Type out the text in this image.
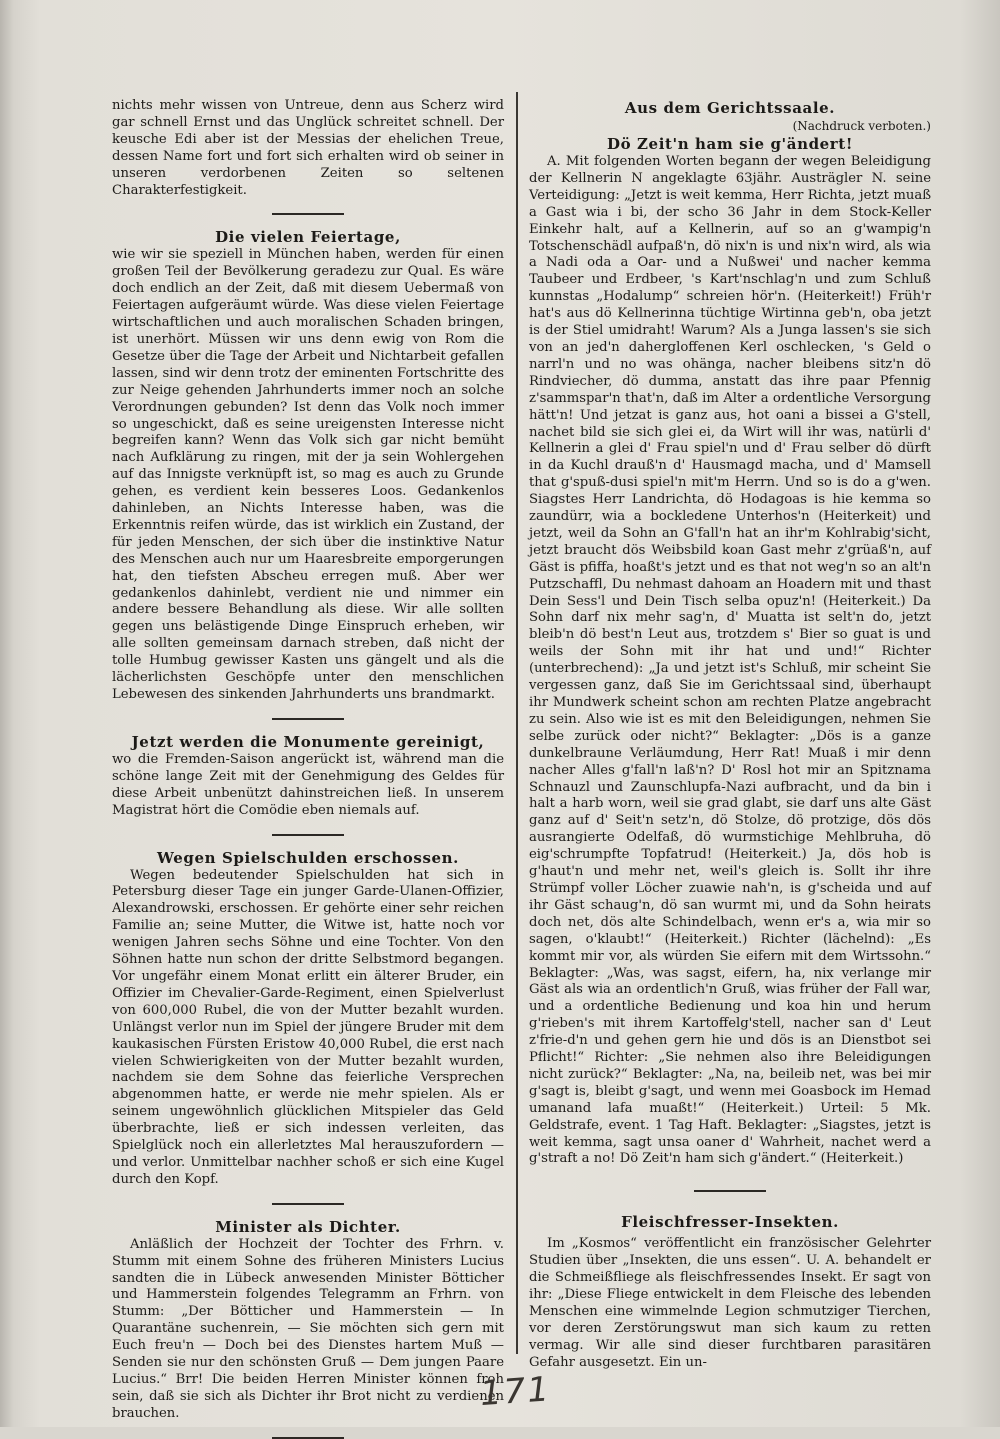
nichts mehr wissen von Untreue, denn aus Scherz wird gar schnell Ernst und das Unglück schreitet schnell. Der keusche Edi aber ist der Messias der ehelichen Treue, dessen Name fort und fort sich erhalten wird ob seiner in unseren verdorbenen Zeiten so seltenen Charakterfestigkeit.

Die vielen Feiertage,

wie wir sie speziell in München haben, werden für einen großen Teil der Bevölkerung geradezu zur Qual. Es wäre doch endlich an der Zeit, daß mit diesem Uebermaß von Feiertagen aufgeräumt würde. Was diese vielen Feiertage wirtschaftlichen und auch moralischen Schaden bringen, ist unerhört. Müssen wir uns denn ewig von Rom die Gesetze über die Tage der Arbeit und Nichtarbeit gefallen lassen, sind wir denn trotz der eminenten Fortschritte des zur Neige gehenden Jahrhunderts immer noch an solche Verordnungen gebunden? Ist denn das Volk noch immer so ungeschickt, daß es seine ureigensten Interesse nicht begreifen kann? Wenn das Volk sich gar nicht bemüht nach Aufklärung zu ringen, mit der ja sein Wohlergehen auf das Innigste verknüpft ist, so mag es auch zu Grunde gehen, es verdient kein besseres Loos. Gedankenlos dahinleben, an Nichts Interesse haben, was die Erkenntnis reifen würde, das ist wirklich ein Zustand, der für jeden Menschen, der sich über die instinktive Natur des Menschen auch nur um Haaresbreite emporgerungen hat, den tiefsten Abscheu erregen muß. Aber wer gedankenlos dahinlebt, verdient nie und nimmer ein andere bessere Behandlung als diese. Wir alle sollten gegen uns belästigende Dinge Einspruch erheben, wir alle sollten gemeinsam darnach streben, daß nicht der tolle Humbug gewisser Kasten uns gängelt und als die lächerlichsten Geschöpfe unter den menschlichen Lebewesen des sinkenden Jahrhunderts uns brandmarkt.

Jetzt werden die Monumente gereinigt,

wo die Fremden-Saison angerückt ist, während man die schöne lange Zeit mit der Genehmigung des Geldes für diese Arbeit unbenützt dahinstreichen ließ. In unserem Magistrat hört die Comödie eben niemals auf.

Wegen Spielschulden erschossen.

Wegen bedeutender Spielschulden hat sich in Petersburg dieser Tage ein junger Garde-Ulanen-Offizier, Alexandrowski, erschossen. Er gehörte einer sehr reichen Familie an; seine Mutter, die Witwe ist, hatte noch vor wenigen Jahren sechs Söhne und eine Tochter. Von den Söhnen hatte nun schon der dritte Selbstmord begangen. Vor ungefähr einem Monat erlitt ein älterer Bruder, ein Offizier im Chevalier-Garde-Regiment, einen Spielverlust von 600,000 Rubel, die von der Mutter bezahlt wurden. Unlängst verlor nun im Spiel der jüngere Bruder mit dem kaukasischen Fürsten Eristow 40,000 Rubel, die erst nach vielen Schwierigkeiten von der Mutter bezahlt wurden, nachdem sie dem Sohne das feierliche Versprechen abgenommen hatte, er werde nie mehr spielen. Als er seinem ungewöhnlich glücklichen Mitspieler das Geld überbrachte, ließ er sich indessen verleiten, das Spielglück noch ein allerletztes Mal herauszufordern — und verlor. Unmittelbar nachher schoß er sich eine Kugel durch den Kopf.

Minister als Dichter.

Anläßlich der Hochzeit der Tochter des Frhrn. v. Stumm mit einem Sohne des früheren Ministers Lucius sandten die in Lübeck anwesenden Minister Bötticher und Hammerstein folgendes Telegramm an Frhrn. von Stumm: „Der Bötticher und Hammerstein — In Quarantäne suchenrein, — Sie möchten sich gern mit Euch freu'n — Doch bei des Dienstes hartem Muß — Senden sie nur den schönsten Gruß — Dem jungen Paare Lucius.“ Brr! Die beiden Herren Minister können froh sein, daß sie sich als Dichter ihr Brot nicht zu verdienen brauchen.

Aus dem Gerichtssaale.
(Nachdruck verboten.)
Dö Zeit'n ham sie g'ändert!

A. Mit folgenden Worten begann der wegen Beleidigung der Kellnerin N angeklagte 63jähr. Austrägler N. seine Verteidigung: „Jetzt is weit kemma, Herr Richta, jetzt muaß a Gast wia i bi, der scho 36 Jahr in dem Stock-Keller Einkehr halt, auf a Kellnerin, auf so an g'wampig'n Totschenschädl aufpaß'n, dö nix'n is und nix'n wird, als wia a Nadi oda a Oar- und a Nußwei' und nacher kemma Taubeer und Erdbeer, 's Kart'nschlag'n und zum Schluß kunnstas „Hodalump“ schreien hör'n. (Heiterkeit!) Früh'r hat's aus dö Kellnerinna tüchtige Wirtinna geb'n, oba jetzt is der Stiel umidraht! Warum? Als a Junga lassen's sie sich von an jed'n dahergloffenen Kerl oschlecken, 's Geld o narrl'n und no was ohänga, nacher bleibens sitz'n dö Rindviecher, dö dumma, anstatt das ihre paar Pfennig z'sammspar'n that'n, daß im Alter a ordentliche Versorgung hätt'n! Und jetzat is ganz aus, hot oani a bissei a G'stell, nachet bild sie sich glei ei, da Wirt will ihr was, natürli d' Kellnerin a glei d' Frau spiel'n und d' Frau selber dö dürft in da Kuchl drauß'n d' Hausmagd macha, und d' Mamsell that g'spuß-dusi spiel'n mit'm Herrn. Und so is do a g'wen. Siagstes Herr Landrichta, dö Hodagoas is hie kemma so zaundürr, wia a bockledene Unterhos'n (Heiterkeit) und jetzt, weil da Sohn an G'fall'n hat an ihr'm Kohlrabig'sicht, jetzt braucht dös Weibsbild koan Gast mehr z'grüaß'n, auf Gäst is pfiffa, hoaßt's jetzt und es that not weg'n so an alt'n Putzschaffl, Du nehmast dahoam an Hoadern mit und thast Dein Sess'l und Dein Tisch selba opuz'n! (Heiterkeit.) Da Sohn darf nix mehr sag'n, d' Muatta ist selt'n do, jetzt bleib'n dö best'n Leut aus, trotzdem s' Bier so guat is und weils der Sohn mit ihr hat und und!“ Richter (unterbrechend): „Ja und jetzt ist's Schluß, mir scheint Sie vergessen ganz, daß Sie im Gerichtssaal sind, überhaupt ihr Mundwerk scheint schon am rechten Platze angebracht zu sein. Also wie ist es mit den Beleidigungen, nehmen Sie selbe zurück oder nicht?“ Beklagter: „Dös is a ganze dunkelbraune Verläumdung, Herr Rat! Muaß i mir denn nacher Alles g'fall'n laß'n? D' Rosl hot mir an Spitznama Schnauzl und Zaunschlupfa-Nazi aufbracht, und da bin i halt a harb worn, weil sie grad glabt, sie darf uns alte Gäst ganz auf d' Seit'n setz'n, dö Stolze, dö protzige, dös dös ausrangierte Odelfaß, dö wurmstichige Mehlbruha, dö eig'schrumpfte Topfatrud! (Heiterkeit.) Ja, dös hob is g'haut'n und mehr net, weil's gleich is. Sollt ihr ihre Strümpf voller Löcher zuawie nah'n, is g'scheida und auf ihr Gäst schaug'n, dö san wurmt mi, und da Sohn heirats doch net, dös alte Schindelbach, wenn er's a, wia mir so sagen, o'klaubt!“ (Heiterkeit.) Richter (lächelnd): „Es kommt mir vor, als würden Sie eifern mit dem Wirtssohn.“ Beklagter: „Was, was sagst, eifern, ha, nix verlange mir Gäst als wia an ordentlich'n Gruß, wias früher der Fall war, und a ordentliche Bedienung und koa hin und herum g'rieben's mit ihrem Kartoffelg'stell, nacher san d' Leut z'frie-d'n und gehen gern hie und dös is an Dienstbot sei Pflicht!“ Richter: „Sie nehmen also ihre Beleidigungen nicht zurück?“ Beklagter: „Na, na, beileib net, was bei mir g'sagt is, bleibt g'sagt, und wenn mei Goasbock im Hemad umanand lafa muaßt!“ (Heiterkeit.) Urteil: 5 Mk. Geldstrafe, event. 1 Tag Haft. Beklagter: „Siagstes, jetzt is weit kemma, sagt unsa oaner d' Wahrheit, nachet werd a g'straft a no! Dö Zeit'n ham sich g'ändert.“ (Heiterkeit.)

Fleischfresser-Insekten.

Im „Kosmos“ veröffentlicht ein französischer Gelehrter Studien über „Insekten, die uns essen“. U. A. behandelt er die Schmeißfliege als fleischfressendes Insekt. Er sagt von ihr: „Diese Fliege entwickelt in dem Fleische des lebenden Menschen eine wimmelnde Legion schmutziger Tierchen, vor deren Zerstörungswut man sich kaum zu retten vermag. Wir alle sind dieser furchtbaren parasitären Gefahr ausgesetzt. Ein un-

171
